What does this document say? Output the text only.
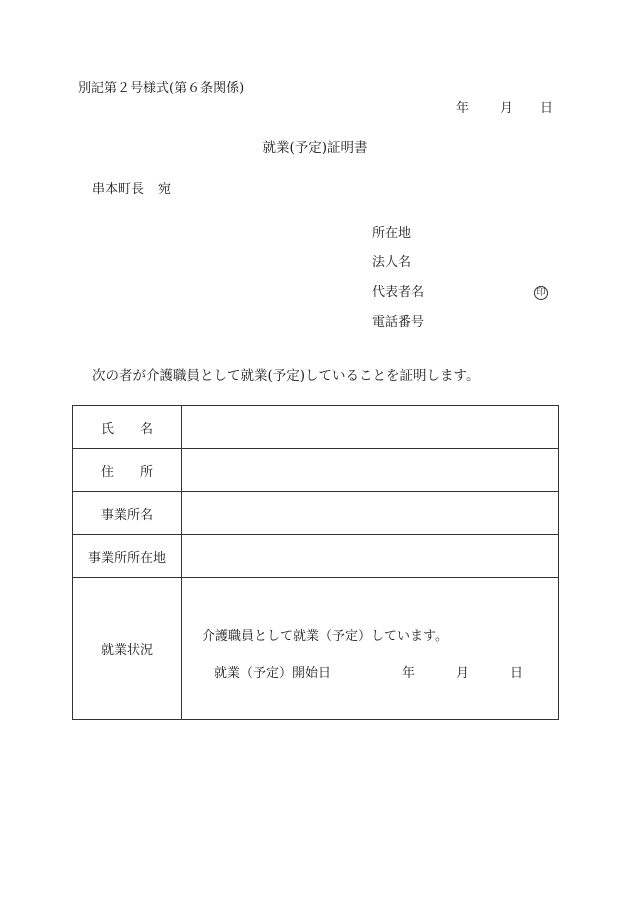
別記第２号様式(第６条関係)
年 月 日
就業(予定)証明書
串本町長 宛
所在地
法人名
代表者名	印
電話番号
次の者が介護職員として就業(予定)していることを証明します。
氏　　名	
住　　所	
事業所名	
事業所所在地	
就業状況	介護職員として就業（予定）しています。
就業（予定）開始日 年 月 日
